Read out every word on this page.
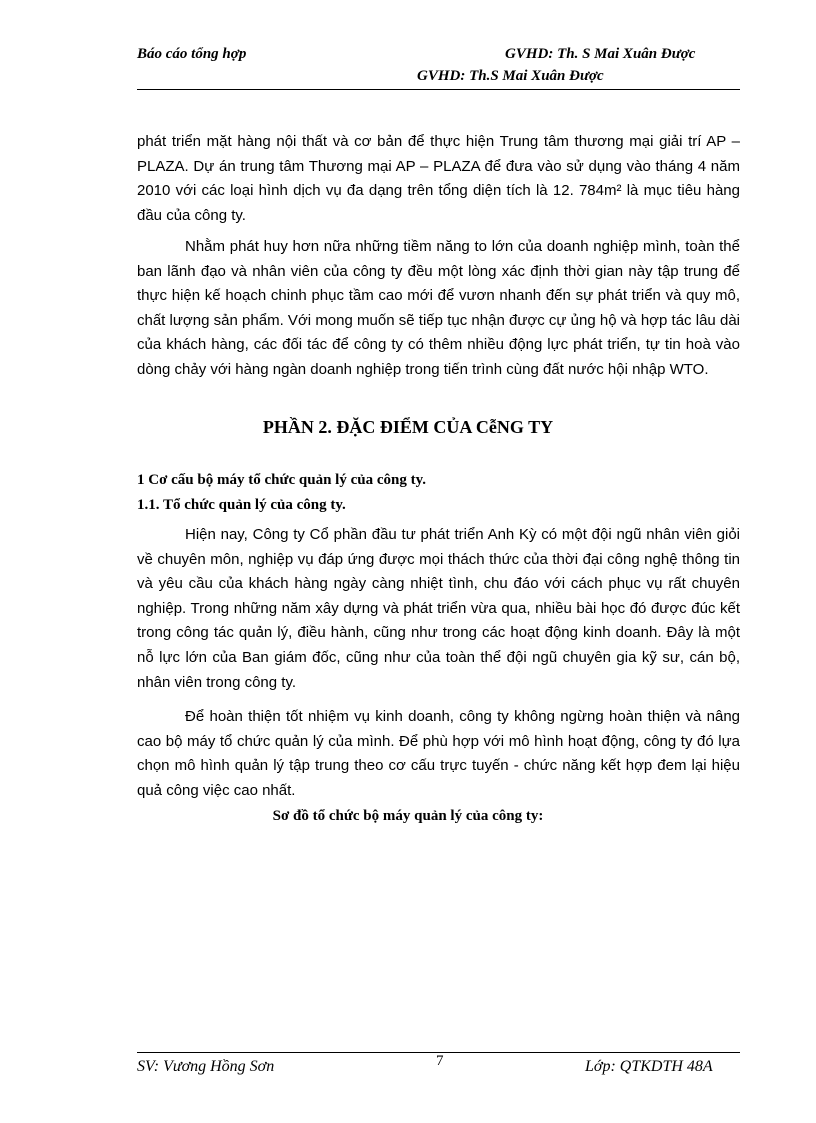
Báo cáo tổng hợp	GVHD: Th. S Mai Xuân Được
GVHD: Th.S Mai Xuân Được

phát triển mặt hàng nội thất và cơ bản để thực hiện Trung tâm thương mại giải trí AP – PLAZA. Dự án trung tâm Thương mại AP – PLAZA để đưa vào sử dụng vào tháng 4 năm 2010 với các loại hình dịch vụ đa dạng trên tổng diện tích là 12. 784m² là mục tiêu hàng đầu của công ty.

Nhằm phát huy hơn nữa những tiềm năng to lớn của doanh nghiệp mình, toàn thể ban lãnh đạo và nhân viên của công ty đều một lòng xác định thời gian này tập trung để thực hiện kế hoạch chinh phục tầm cao mới để vươn nhanh đến sự phát triển và quy mô, chất lượng sản phẩm. Với mong muốn sẽ tiếp tục nhận được cự ủng hộ và hợp tác lâu dài của khách hàng, các đối tác để công ty có thêm nhiều động lực phát triển, tự tin hoà vào dòng chảy với hàng ngàn doanh nghiệp trong tiến trình cùng đất nước hội nhập WTO.

PHẦN 2. ĐẶC ĐIỂM CỦA CễNG TY
1 Cơ cấu bộ máy tổ chức quản lý của công ty.
1.1. Tổ chức quản lý của công ty.

Hiện nay, Công ty Cổ phần đầu tư phát triển Anh Kỳ có một đội ngũ nhân viên giỏi về chuyên môn, nghiệp vụ đáp ứng được mọi thách thức của thời đại công nghệ thông tin và yêu cầu của khách hàng ngày càng nhiệt tình, chu đáo với cách phục vụ rất chuyên nghiệp. Trong những năm xây dựng và phát triển vừa qua, nhiều bài học đó được đúc kết trong công tác quản lý, điều hành, cũng như trong các hoạt động kinh doanh. Đây là một nỗ lực lớn của Ban giám đốc, cũng như của toàn thể đội ngũ chuyên gia kỹ sư, cán bộ, nhân viên trong công ty.

Để hoàn thiện tốt nhiệm vụ kinh doanh, công ty không ngừng hoàn thiện và nâng cao bộ máy tổ chức quản lý của mình. Để phù hợp với mô hình hoạt động, công ty đó lựa chọn mô hình quản lý tập trung theo cơ cấu trực tuyến - chức năng kết hợp đem lại hiệu quả công việc cao nhất.

Sơ đồ tổ chức bộ máy quản lý của công ty:
SV: Vương Hồng Sơn	7	Lớp: QTKDTH 48A
